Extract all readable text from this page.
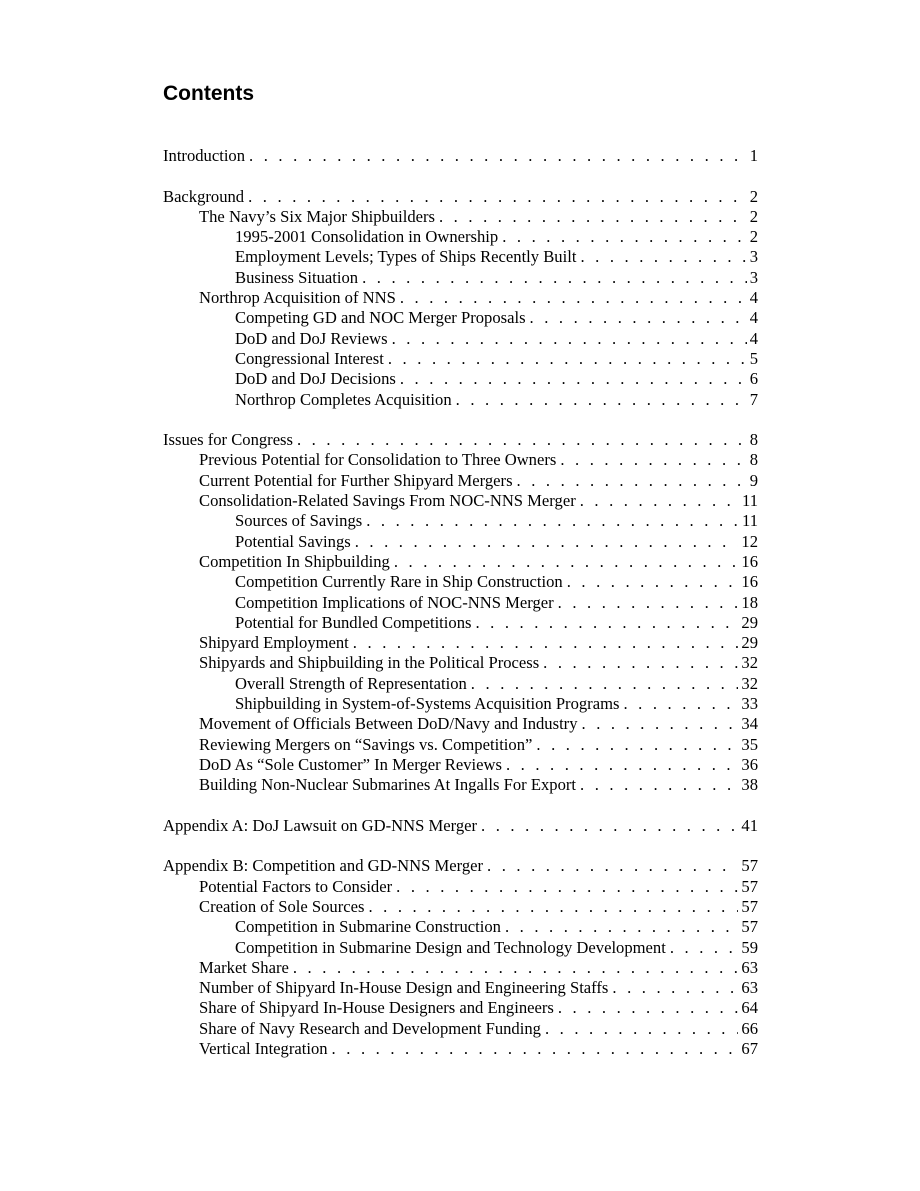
Contents
Introduction . . .	1
Background . . .	2
The Navy’s Six Major Shipbuilders . . .	2
1995-2001 Consolidation in Ownership . . .	2
Employment Levels; Types of Ships Recently Built . . .	3
Business Situation . . .	3
Northrop Acquisition of NNS . . .	4
Competing GD and NOC Merger Proposals . . .	4
DoD and DoJ Reviews . . .	4
Congressional Interest . . .	5
DoD and DoJ Decisions . . .	6
Northrop Completes Acquisition . . .	7
Issues for Congress . . .	8
Previous Potential for Consolidation to Three Owners . . .	8
Current Potential for Further Shipyard Mergers . . .	9
Consolidation-Related Savings From NOC-NNS Merger . . .	11
Sources of Savings . . .	11
Potential Savings . . .	12
Competition In Shipbuilding . . .	16
Competition Currently Rare in Ship Construction . . .	16
Competition Implications of NOC-NNS Merger . . .	18
Potential for Bundled Competitions . . .	29
Shipyard Employment . . .	29
Shipyards and Shipbuilding in the Political Process . . .	32
Overall Strength of Representation . . .	32
Shipbuilding in System-of-Systems Acquisition Programs . . .	33
Movement of Officials Between DoD/Navy and Industry . . .	34
Reviewing Mergers on “Savings vs. Competition” . . .	35
DoD As “Sole Customer” In Merger Reviews . . .	36
Building Non-Nuclear Submarines At Ingalls For Export . . .	38
Appendix A: DoJ Lawsuit on GD-NNS Merger . . .	41
Appendix B: Competition and GD-NNS Merger . . .	57
Potential Factors to Consider . . .	57
Creation of Sole Sources . . .	57
Competition in Submarine Construction . . .	57
Competition in Submarine Design and Technology Development . . .	59
Market Share . . .	63
Number of Shipyard In-House Design and Engineering Staffs . . .	63
Share of Shipyard In-House Designers and Engineers . . .	64
Share of Navy Research and Development Funding . . .	66
Vertical Integration . . .	67
